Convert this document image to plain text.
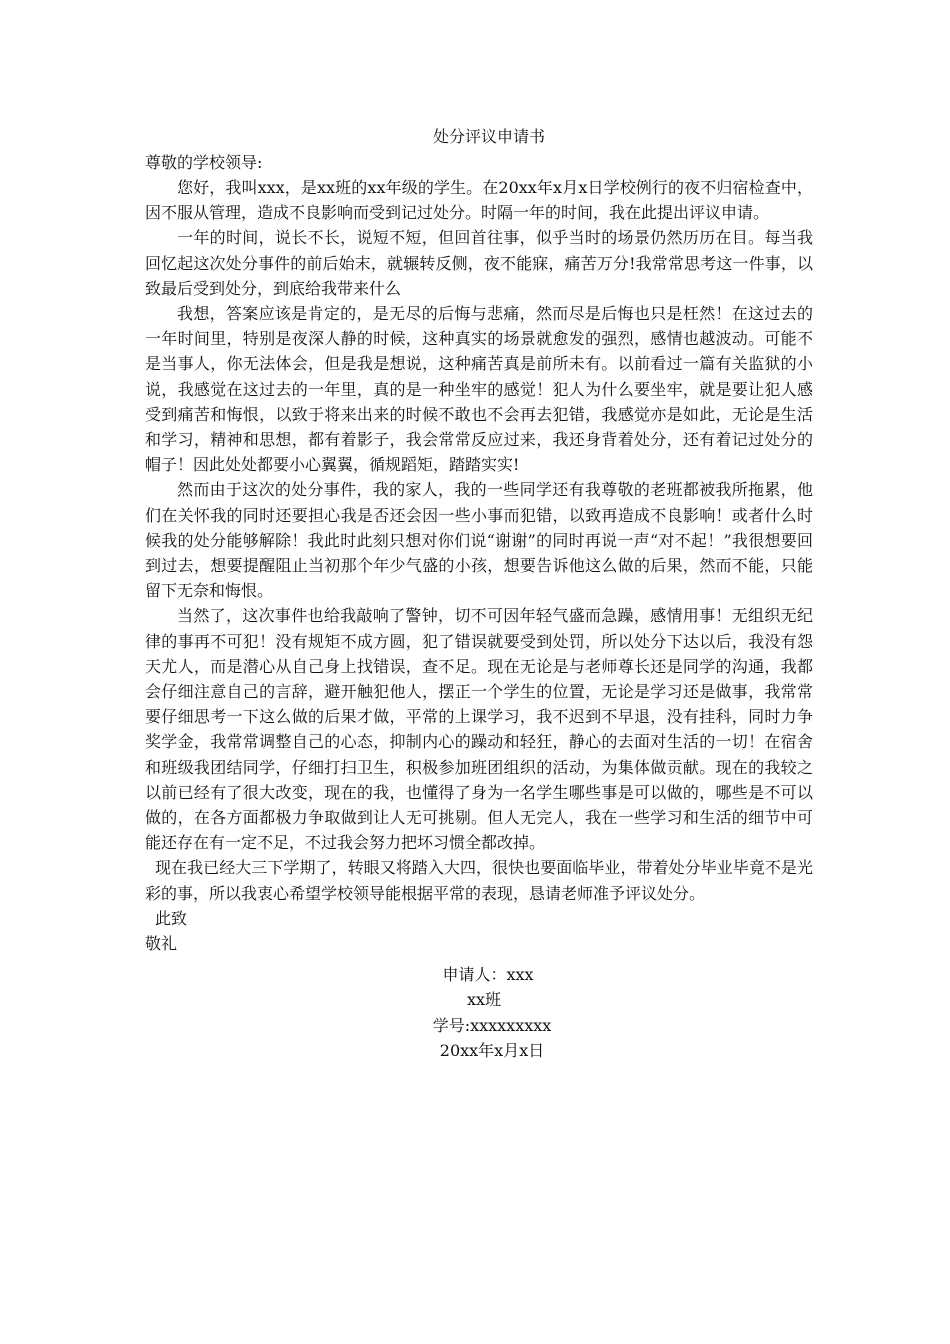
处分评议申请书

尊敬的学校领导:

您好，我叫xxx，是xx班的xx年级的学生。在20xx年x月x日学校例行的夜不归宿检查中，因不服从管理，造成不良影响而受到记过处分。时隔一年的时间，我在此提出评议申请。

一年的时间，说长不长，说短不短，但回首往事，似乎当时的场景仍然历历在目。每当我回忆起这次处分事件的前后始末，就辗转反侧，夜不能寐，痛苦万分!我常常思考这一件事，以致最后受到处分，到底给我带来什么

我想，答案应该是肯定的，是无尽的后悔与悲痛，然而尽是后悔也只是枉然！在这过去的一年时间里，特别是夜深人静的时候，这种真实的场景就愈发的强烈，感情也越波动。可能不是当事人，你无法体会，但是我是想说，这种痛苦真是前所未有。以前看过一篇有关监狱的小说，我感觉在这过去的一年里，真的是一种坐牢的感觉！犯人为什么要坐牢，就是要让犯人感受到痛苦和悔恨，以致于将来出来的时候不敢也不会再去犯错，我感觉亦是如此，无论是生活和学习，精神和思想，都有着影子，我会常常反应过来，我还身背着处分，还有着记过处分的帽子！因此处处都要小心翼翼，循规蹈矩，踏踏实实!

然而由于这次的处分事件，我的家人，我的一些同学还有我尊敬的老班都被我所拖累，他们在关怀我的同时还要担心我是否还会因一些小事而犯错，以致再造成不良影响！或者什么时候我的处分能够解除！我此时此刻只想对你们说“谢谢”的同时再说一声“对不起！”我很想要回到过去，想要提醒阻止当初那个年少气盛的小孩，想要告诉他这么做的后果，然而不能，只能留下无奈和悔恨。

当然了，这次事件也给我敲响了警钟，切不可因年轻气盛而急躁，感情用事！无组织无纪律的事再不可犯！没有规矩不成方圆，犯了错误就要受到处罚，所以处分下达以后，我没有怨天尤人，而是潜心从自己身上找错误，查不足。现在无论是与老师尊长还是同学的沟通，我都会仔细注意自己的言辞，避开触犯他人，摆正一个学生的位置，无论是学习还是做事，我常常要仔细思考一下这么做的后果才做，平常的上课学习，我不迟到不早退，没有挂科，同时力争奖学金，我常常调整自己的心态，抑制内心的躁动和轻狂，静心的去面对生活的一切！在宿舍和班级我团结同学，仔细打扫卫生，积极参加班团组织的活动，为集体做贡献。现在的我较之以前已经有了很大改变，现在的我，也懂得了身为一名学生哪些事是可以做的，哪些是不可以做的，在各方面都极力争取做到让人无可挑剔。但人无完人，我在一些学习和生活的细节中可能还存在有一定不足，不过我会努力把坏习惯全都改掉。

现在我已经大三下学期了，转眼又将踏入大四，很快也要面临毕业，带着处分毕业毕竟不是光彩的事，所以我衷心希望学校领导能根据平常的表现，恳请老师准予评议处分。

此致

敬礼

申请人：xxx
xx班
学号:xxxxxxxxx
20xx年x月x日
